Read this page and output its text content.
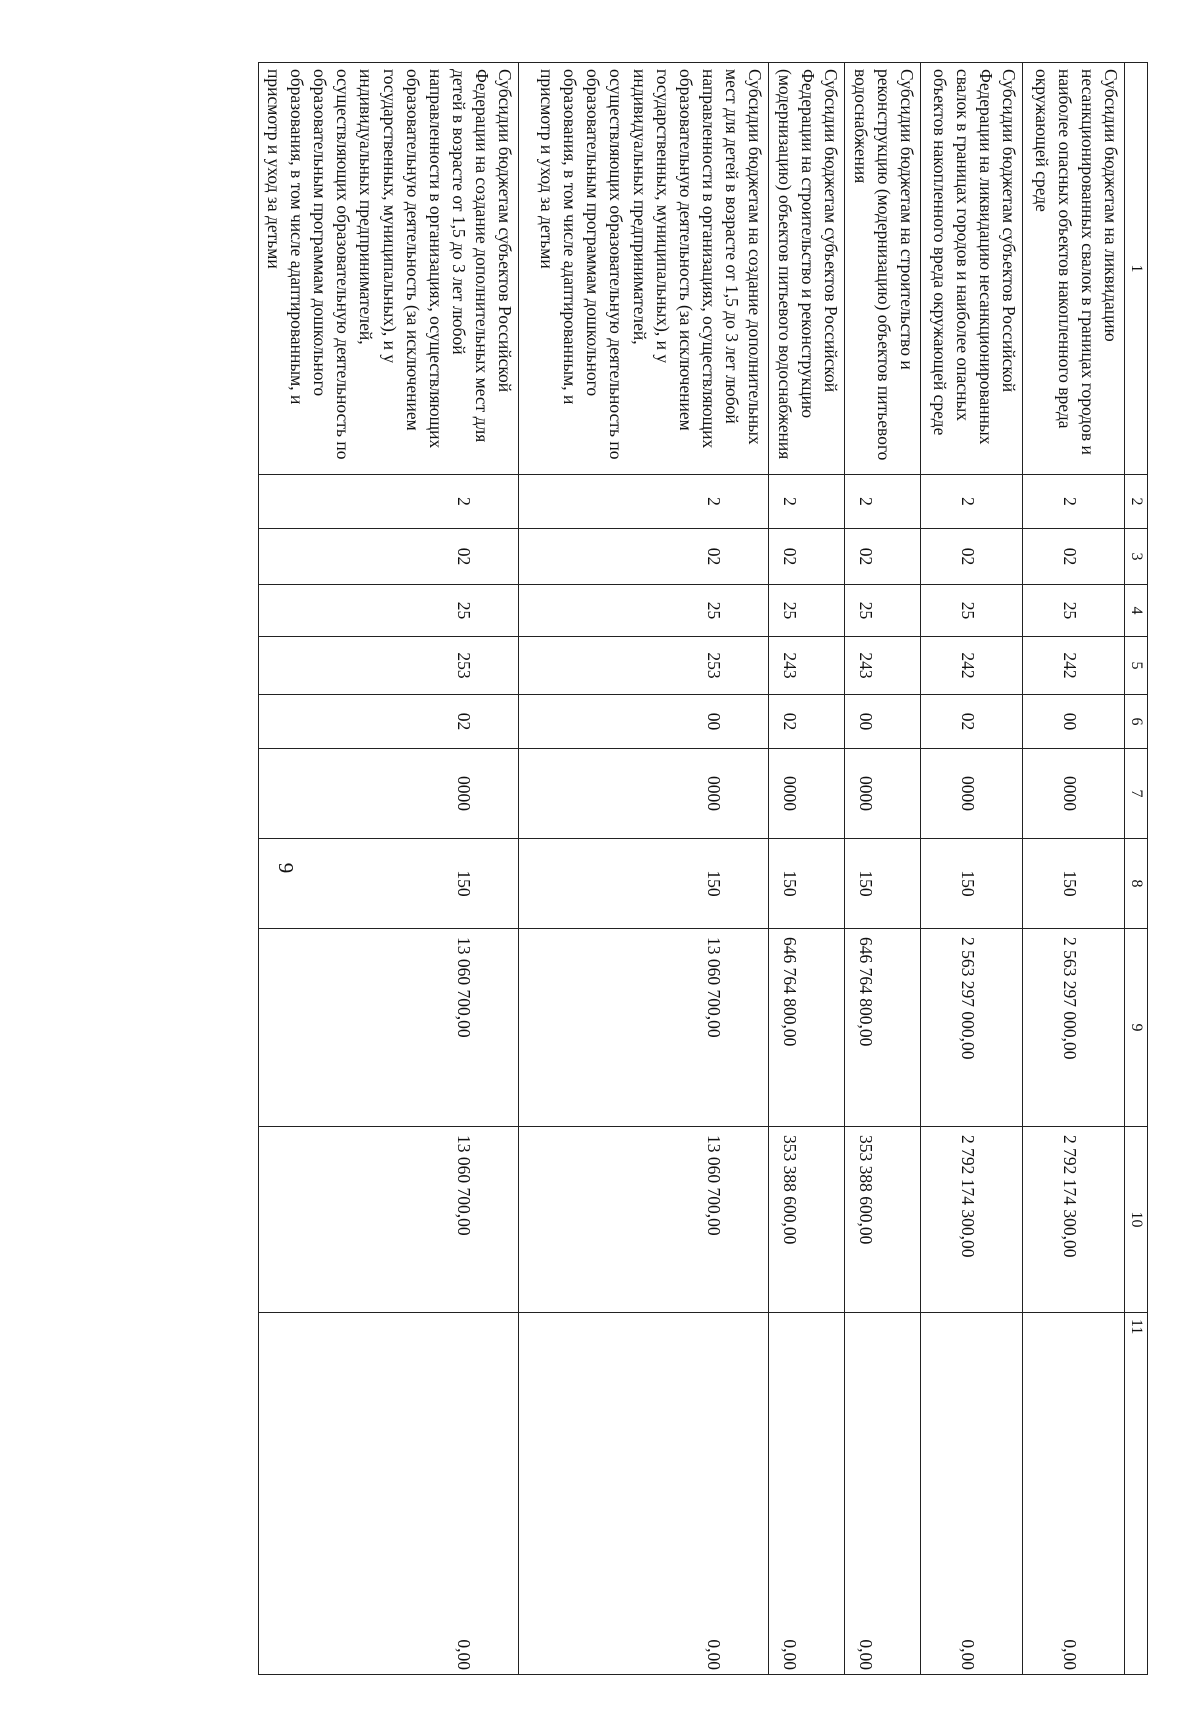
1	2	3	4	5	6	7	8	9	10	11
Субсидии бюджетам на ликвидацию несанкционированных свалок в границах городов и наиболее опасных объектов накопленного вреда окружающей среде	2	02	25	242	00	0000	150	2 563 297 000,00	2 792 174 300,00	0,00
Субсидии бюджетам субъектов Российской Федерации на ликвидацию несанкционированных свалок в границах городов и наиболее опасных объектов накопленного вреда окружающей среде	2	02	25	242	02	0000	150	2 563 297 000,00	2 792 174 300,00	0,00
Субсидии бюджетам на строительство и реконструкцию (модернизацию) объектов питьевого водоснабжения	2	02	25	243	00	0000	150	646 764 800,00	353 388 600,00	0,00
Субсидии бюджетам субъектов Российской Федерации на строительство и реконструкцию (модернизацию) объектов питьевого водоснабжения	2	02	25	243	02	0000	150	646 764 800,00	353 388 600,00	0,00
Субсидии бюджетам на создание дополнительных мест для детей в возрасте от 1,5 до 3 лет любой направленности в организациях, осуществляющих образовательную деятельность (за исключением государственных, муниципальных), и у индивидуальных предпринимателей, осуществляющих образовательную деятельность по образовательным программам дошкольного образования, в том числе адаптированным, и присмотр и уход за детьми	2	02	25	253	00	0000	150	13 060 700,00	13 060 700,00	0,00
Субсидии бюджетам субъектов Российской Федерации на создание дополнительных мест для детей в возрасте от 1,5 до 3 лет любой направленности в организациях, осуществляющих образовательную деятельность (за исключением государственных, муниципальных), и у индивидуальных предпринимателей, осуществляющих образовательную деятельность по образовательным программам дошкольного образования, в том числе адаптированным, и присмотр и уход за детьми	2	02	25	253	02	0000	150	13 060 700,00	13 060 700,00	0,00
9
